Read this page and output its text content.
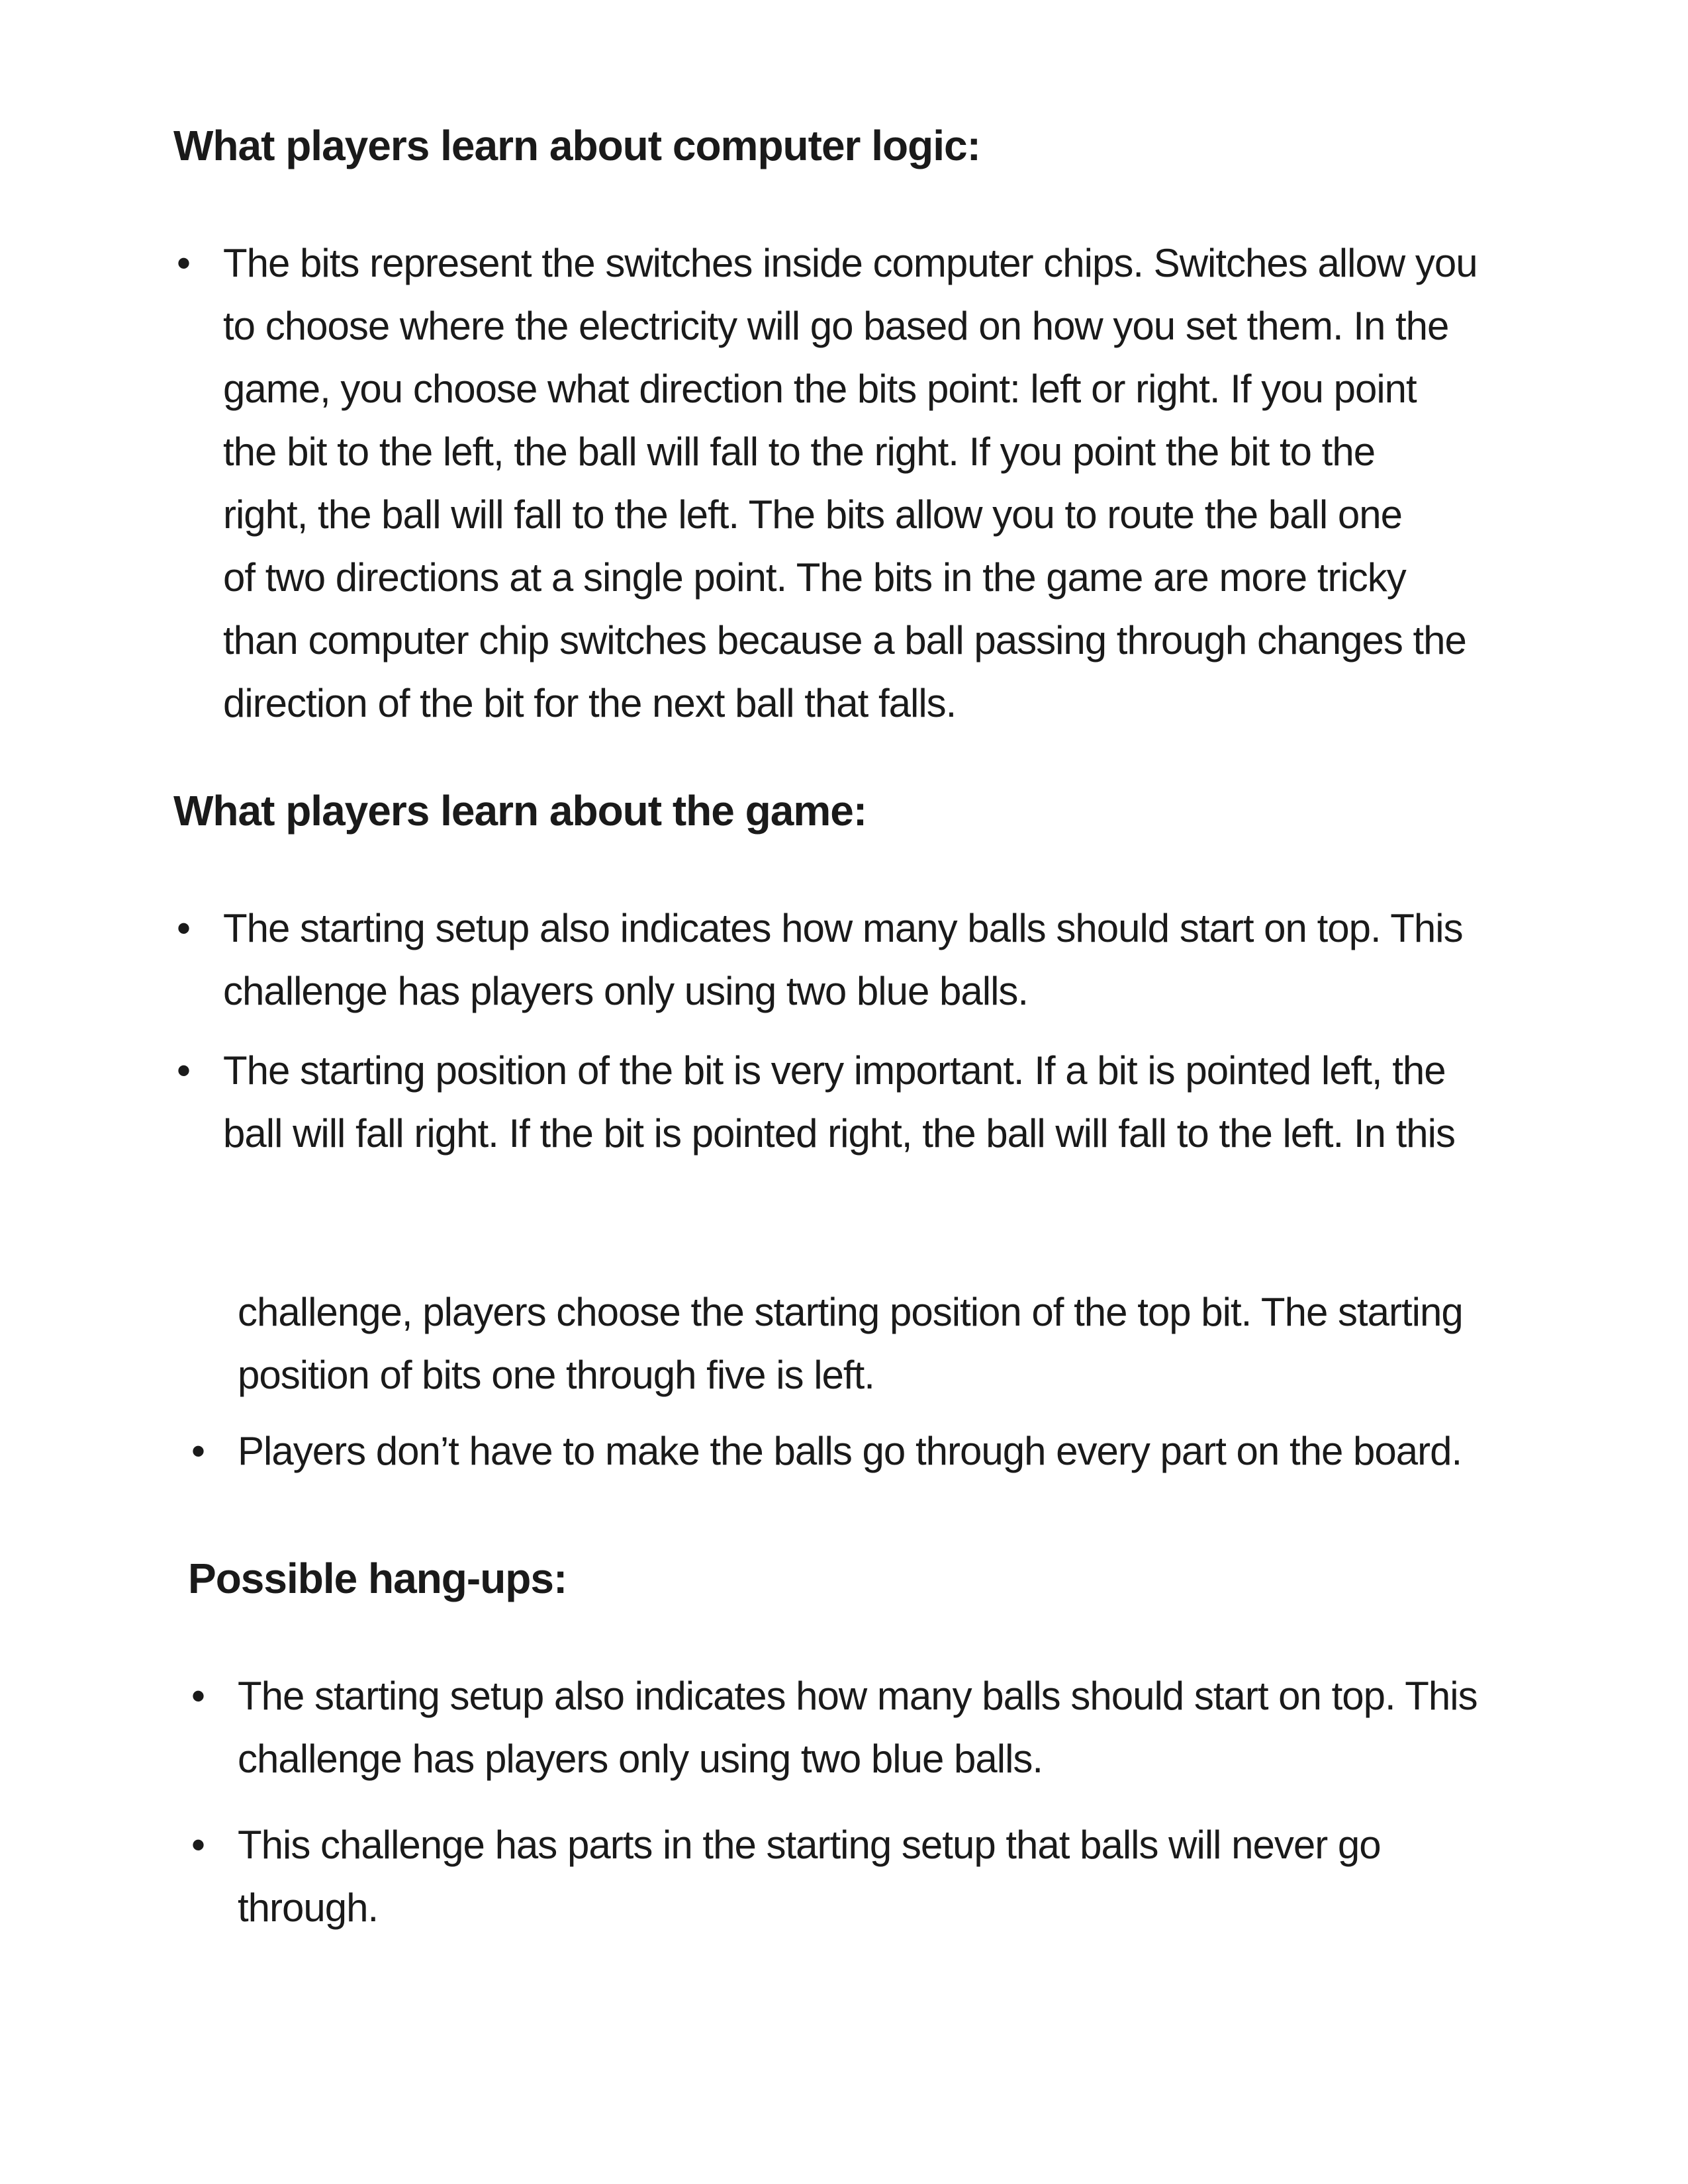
What players learn about computer logic:
• The bits represent the switches inside computer chips. Switches allow you
to choose where the electricity will go based on how you set them. In the
game, you choose what direction the bits point: left or right. If you point
the bit to the left, the ball will fall to the right. If you point the bit to the
right, the ball will fall to the left. The bits allow you to route the ball one
of two directions at a single point. The bits in the game are more tricky
than computer chip switches because a ball passing through changes the
direction of the bit for the next ball that falls.
What players learn about the game:
• The starting setup also indicates how many balls should start on top. This
challenge has players only using two blue balls.
• The starting position of the bit is very important. If a bit is pointed left, the
ball will fall right. If the bit is pointed right, the ball will fall to the left. In this
challenge, players choose the starting position of the top bit. The starting
position of bits one through five is left.
• Players don’t have to make the balls go through every part on the board.
Possible hang-ups:
• The starting setup also indicates how many balls should start on top. This
challenge has players only using two blue balls.
• This challenge has parts in the starting setup that balls will never go
through.
